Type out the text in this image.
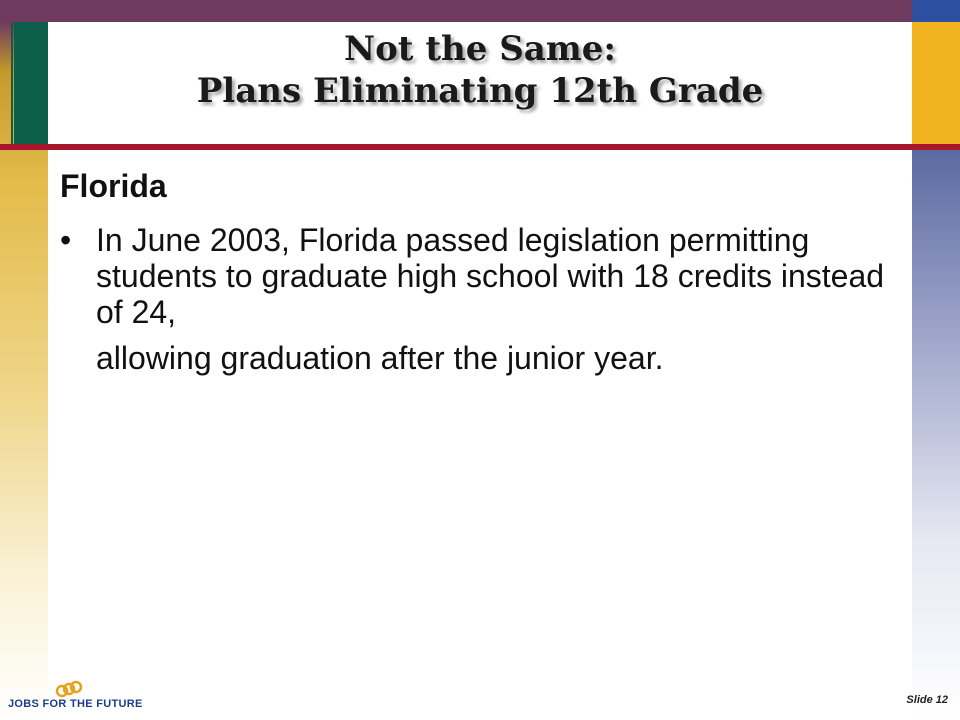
Not the Same:
Plans Eliminating 12th Grade
Florida
• In June 2003, Florida passed legislation permitting students to graduate high school with 18 credits instead of 24,
allowing graduation after the junior year.
JOBS FOR THE FUTURE	Slide 12
